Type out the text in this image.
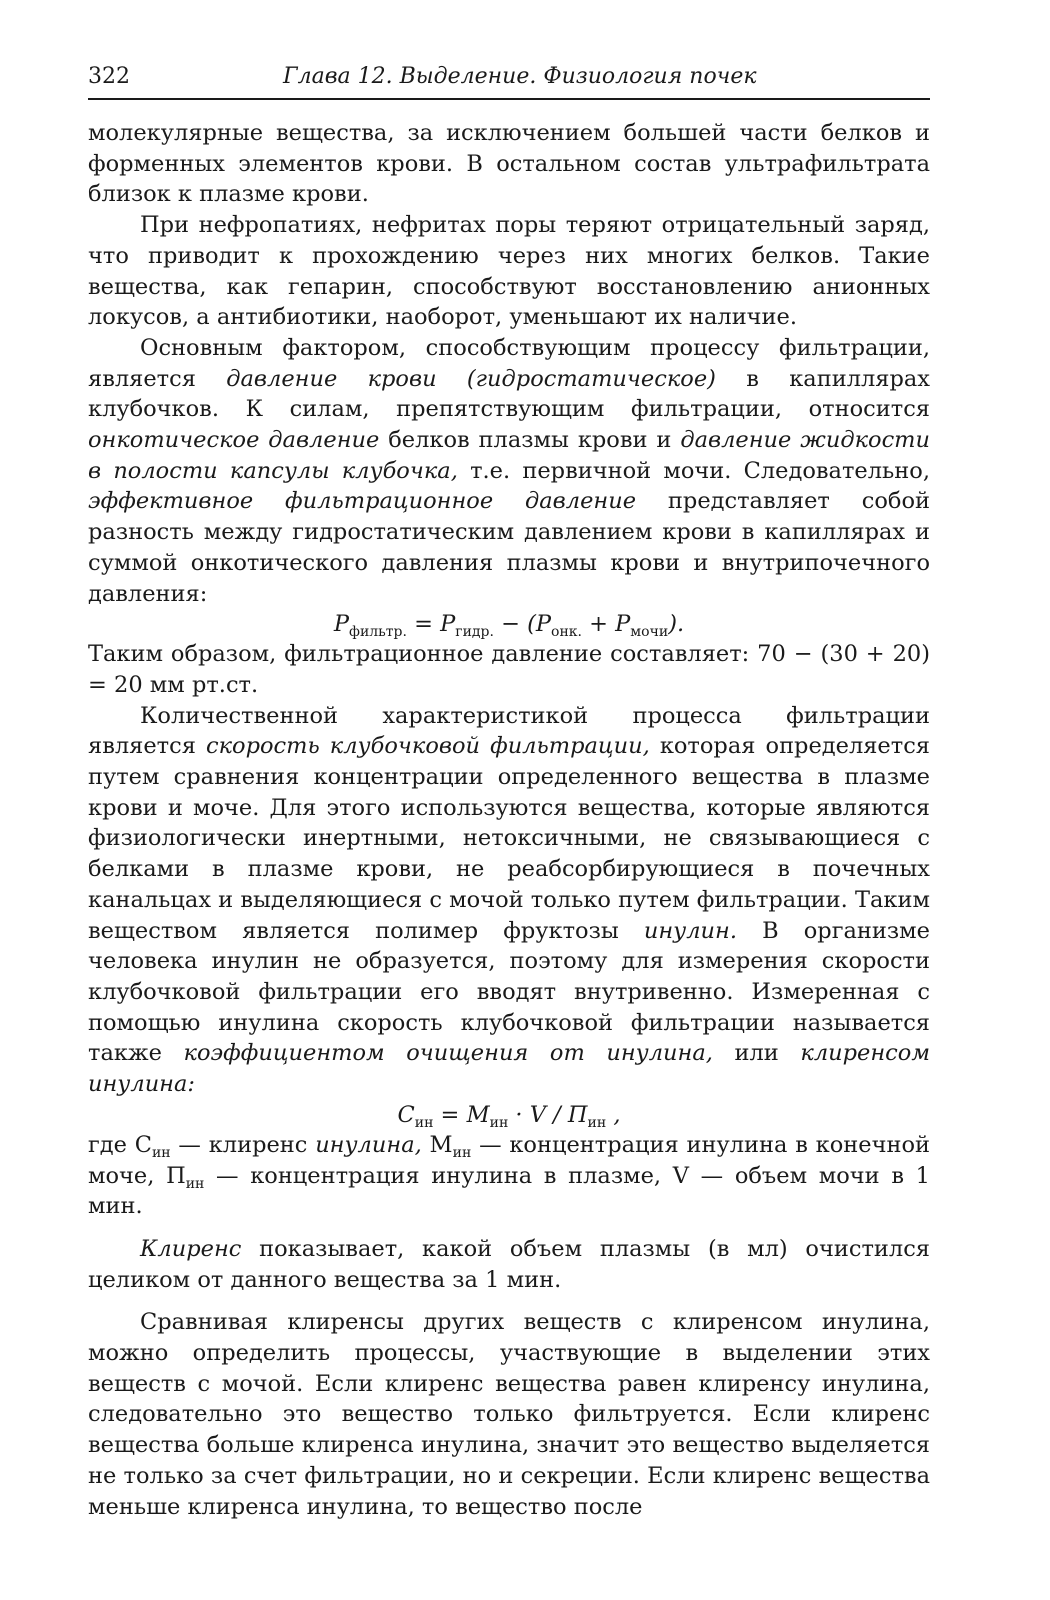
322	Глава 12. Выделение. Физиология почек

молекулярные вещества, за исключением большей части белков и форменных элементов крови. В остальном состав ультрафильтрата близок к плазме крови.

При нефропатиях, нефритах поры теряют отрицательный заряд, что приводит к прохождению через них многих белков. Такие вещества, как гепарин, способствуют восстановлению анионных локусов, а антибиотики, наоборот, уменьшают их наличие.

Основным фактором, способствующим процессу фильтрации, является давление крови (гидростатическое) в капиллярах клубочков. К силам, препятствующим фильтрации, относится онкотическое давление белков плазмы крови и давление жидкости в полости капсулы клубочка, т.е. первичной мочи. Следовательно, эффективное фильтрационное давление представляет собой разность между гидростатическим давлением крови в капиллярах и суммой онкотического давления плазмы крови и внутрипочечного давления:

$P_{фильтр.} = P_{гидр.} - (P_{онк.} + P_{мочи})$.

Таким образом, фильтрационное давление составляет: 70 − (30 + 20) = 20 мм рт.ст.

Количественной характеристикой процесса фильтрации является скорость клубочковой фильтрации, которая определяется путем сравнения концентрации определенного вещества в плазме крови и моче. Для этого используются вещества, которые являются физиологически инертными, нетоксичными, не связывающиеся с белками в плазме крови, не реабсорбирующиеся в почечных канальцах и выделяющиеся с мочой только путем фильтрации. Таким веществом является полимер фруктозы инулин. В организме человека инулин не образуется, поэтому для измерения скорости клубочковой фильтрации его вводят внутривенно. Измеренная с помощью инулина скорость клубочковой фильтрации называется также коэффициентом очищения от инулина, или клиренсом инулина:

$C_{ин} = M_{ин} \cdot V / П_{ин}$ ,

где $C_{ин}$ — клиренс инулина, $M_{ин}$ — концентрация инулина в конечной моче, $П_{ин}$ — концентрация инулина в плазме, V — объем мочи в 1 мин.

Клиренс показывает, какой объем плазмы (в мл) очистился целиком от данного вещества за 1 мин.

Сравнивая клиренсы других веществ с клиренсом инулина, можно определить процессы, участвующие в выделении этих веществ с мочой. Если клиренс вещества равен клиренсу инулина, следовательно это вещество только фильтруется. Если клиренс вещества больше клиренса инулина, значит это вещество выделяется не только за счет фильтрации, но и секреции. Если клиренс вещества меньше клиренса инулина, то вещество после
